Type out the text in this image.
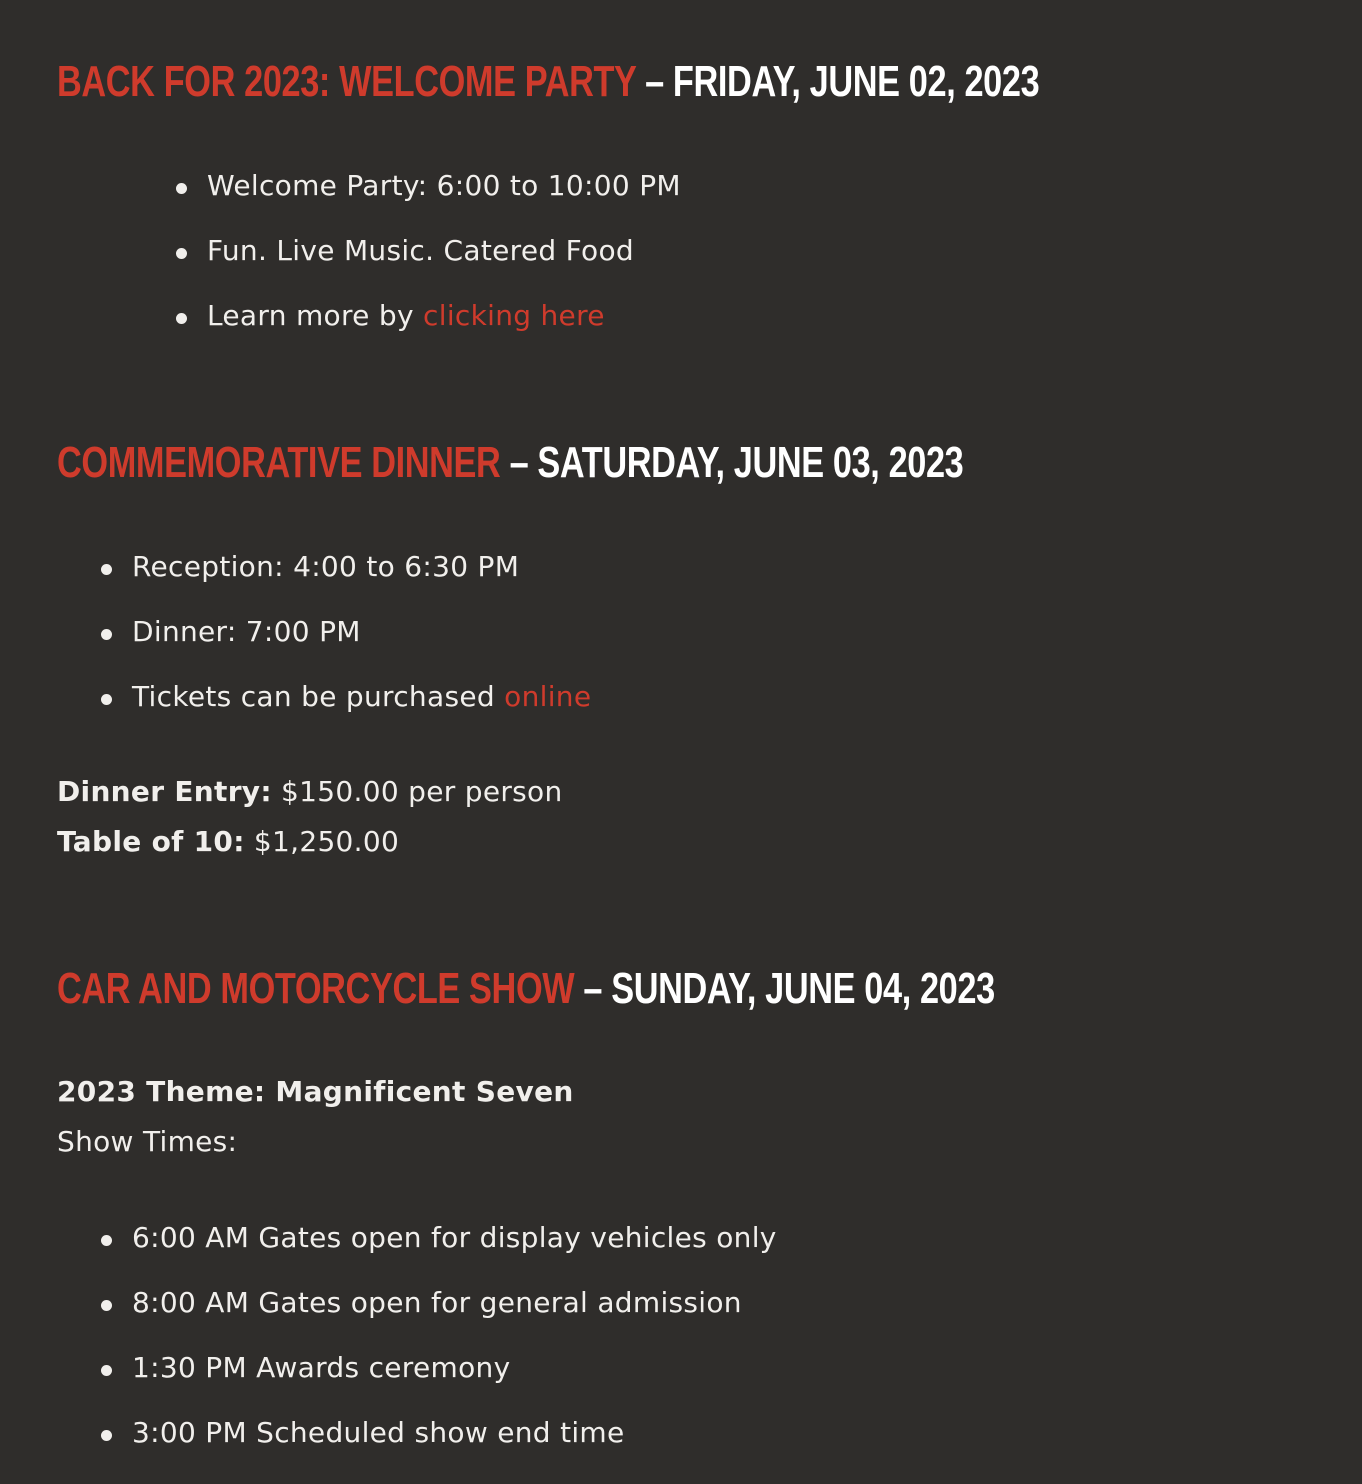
BACK FOR 2023: WELCOME PARTY – FRIDAY, JUNE 02, 2023
Welcome Party: 6:00 to 10:00 PM
Fun. Live Music. Catered Food
Learn more by clicking here
COMMEMORATIVE DINNER – SATURDAY, JUNE 03, 2023
Reception: 4:00 to 6:30 PM
Dinner: 7:00 PM
Tickets can be purchased online
Dinner Entry: $150.00 per person
Table of 10: $1,250.00
CAR AND MOTORCYCLE SHOW – SUNDAY, JUNE 04, 2023
2023 Theme: Magnificent Seven
Show Times:
6:00 AM Gates open for display vehicles only
8:00 AM Gates open for general admission
1:30 PM Awards ceremony
3:00 PM Scheduled show end time
